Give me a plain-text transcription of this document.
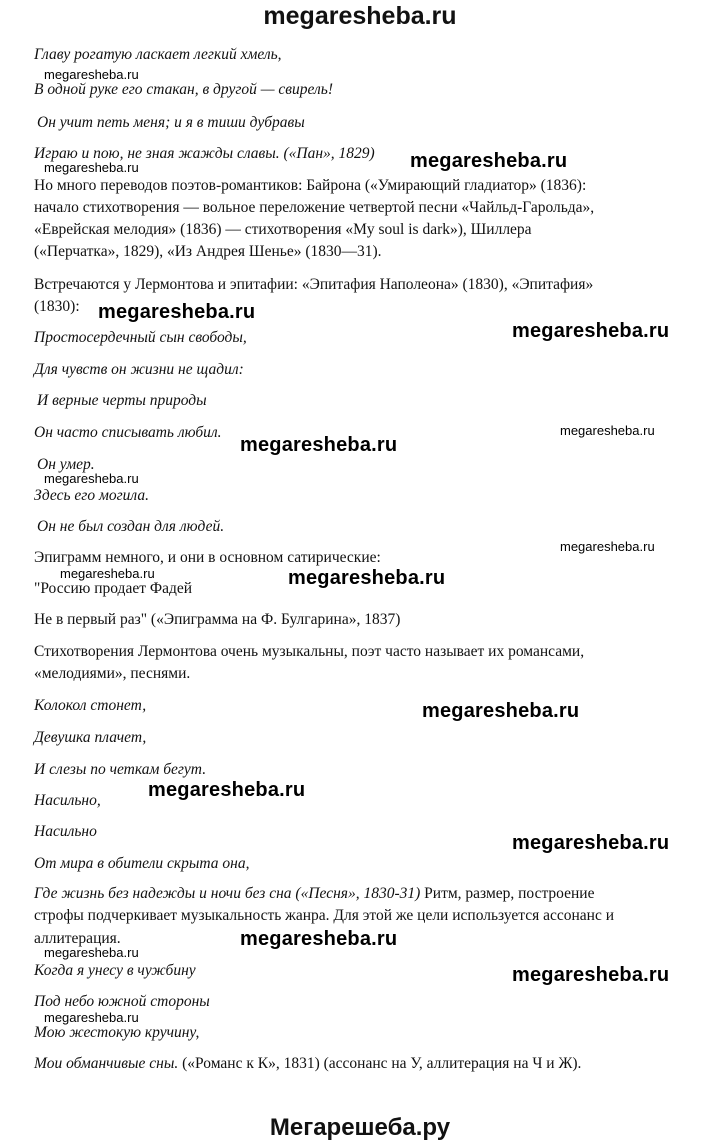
megaresheba.ru
Главу рогатую ласкает легкий хмель,
В одной руке его стакан, в другой — свирель!
Он учит петь меня; и я в тиши дубравы
Играю и пою, не зная жажды славы. («Пан», 1829)
Но много переводов поэтов-романтиков: Байрона («Умирающий гладиатор» (1836):
начало стихотворения — вольное переложение четвертой песни «Чайльд-Гарольда»,
«Еврейская мелодия» (1836) — стихотворения «My soul is dark»), Шиллера
(«Перчатка», 1829), «Из Андрея Шенье» (1830—31).
Встречаются у Лермонтова и эпитафии: «Эпитафия Наполеона» (1830), «Эпитафия»
(1830):
Простосердечный сын свободы,
Для чувств он жизни не щадил:
И верные черты природы
Он часто списывать любил.
Он умер.
Здесь его могила.
Он не был создан для людей.
Эпиграмм немного, и они в основном сатирические:
"Россию продает Фадей
Не в первый раз" («Эпиграмма на Ф. Булгарина», 1837)
Стихотворения Лермонтова очень музыкальны, поэт часто называет их романсами,
«мелодиями», песнями.
Колокол стонет,
Девушка плачет,
И слезы по четкам бегут.
Насильно,
Насильно
От мира в обители скрыта она,
Где жизнь без надежды и ночи без сна («Песня», 1830-31) Ритм, размер, построение
строфы подчеркивает музыкальность жанра. Для этой же цели используется ассонанс и
аллитерация.
Когда я унесу в чужбину
Под небо южной стороны
Мою жестокую кручину,
Мои обманчивые сны. («Романс к К», 1831) (ассонанс на У, аллитерация на Ч и Ж).
megaresheba.ru
megaresheba.ru
megaresheba.ru
megaresheba.ru
megaresheba.ru
megaresheba.ru
megaresheba.ru
megaresheba.ru
megaresheba.ru
megaresheba.ru	megaresheba.ru
megaresheba.ru
megaresheba.ru
megaresheba.ru
megaresheba.ru
megaresheba.ru
megaresheba.ru
megaresheba.ru
Мегарешеба.ру
